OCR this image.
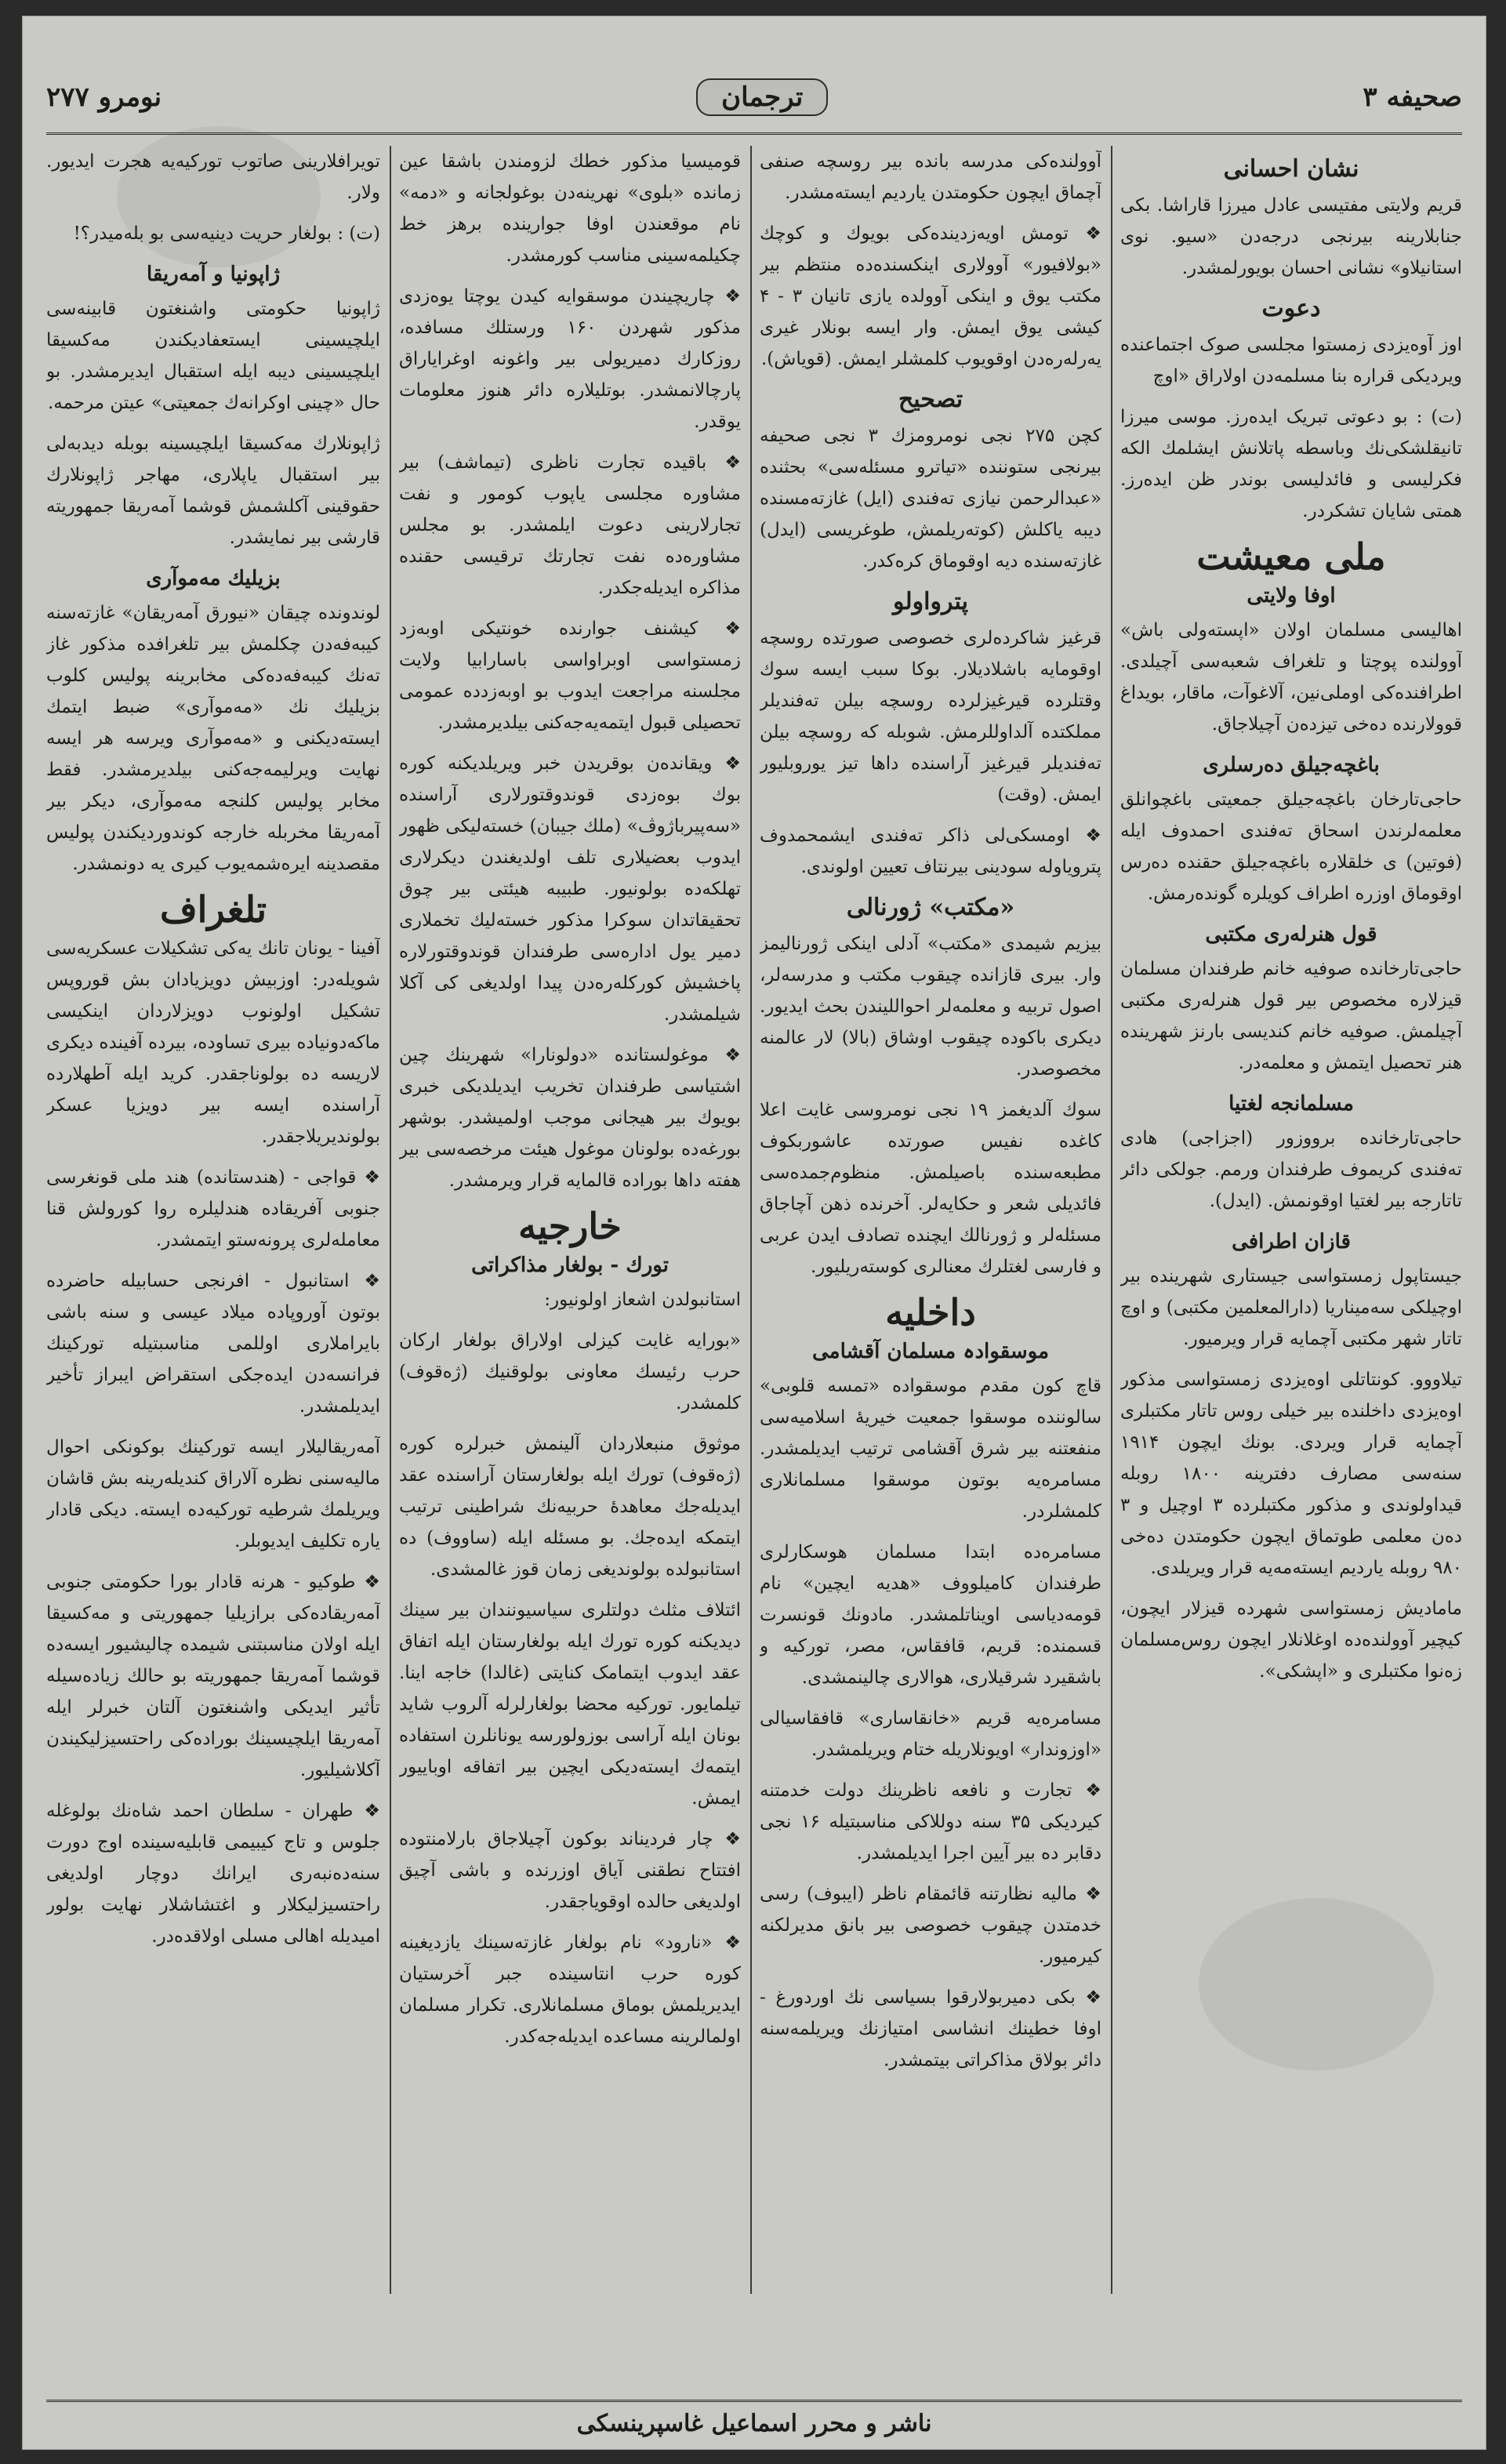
صحیفه ۳
ترجمان
نومرو ۲۷۷
نشان احسانی
قریم ولایتی مفتیسی عادل میرزا قاراشا. بکی جنابلارینه بیرنجی درجه‌دن «سیو. نوی استانیلاو» نشانی احسان بویورلمشدر.
دعوت
اوز آوه‌یزدی زمستوا مجلسی صوک اجتماعنده ویردیکی قراره بنا مسلمه‌دن اولاراق «اوچ
(ت) : بو دعوتی تبریک ایده‌رز. موسی میرزا تانیقلشکی‌نك وباسطه پاتلانش ایشلمك الكه فکرلیسی و فائدلیسی بوندر ظن ایده‌رز. همتی شایان تشکردر.
ملی معیشت
اوفا ولایتی
اهالیسی مسلمان اولان «اپسته‌ولی باش» آوولنده پوچتا و تلغراف شعبه‌سی آچیلدی. اطرافنده‌کی اوملی‌نین، آلاغو‌آت، ماقار، بویداغ قوولارنده ده‌خی تیزده‌ن آچیلاجاق.
باغچه‌جیلق ده‌رسلری
حاجی‌تارخان باغچه‌جیلق جمعیتی باغچوانلق معلمه‌لرندن اسحاق ته‌فندی احمدوف ایله (فوتین) ی خلقلاره باغچه‌جیلق حقنده ده‌رس اوقوماق اوزره اطراف کویلره گونده‌رمش.
قول هنرله‌ری مکتبی
حاجی‌تارخانده صوفیه خانم طرفندان مسلمان قیزلاره مخصوص بیر قول هنرله‌ری مکتبی آچیلمش. صوفیه خانم کندیسی بارنز شهرینده هنر تحصیل ایتمش و معلمه‌در.
مسلمانجه لغتیا
حاجی‌تارخانده برووزور (اجزاجی) هادی ته‌فندی کریموف طرفندان ورمم. جولکی دائر تاتارجه بیر لغتیا اوقونمش. (ایدل).
قازان اطرافی
جیستاپول زمستواسی جیستاری شهرینده بیر اوچیلکی سه‌میناریا (دارالمعلمین مکتبی) و اوچ تاتار شهر مکتبی آچمایه قرار ویرمیور.
تیلاووو. کونتاتلی اوه‌یزدی زمستواسی مذکور اوه‌یزدی داخلنده بیر خیلی روس تاتار مکتبلری آچمایه قرار ویردی. بونك ایچون ۱۹۱۴ سنه‌سی مصارف دفترینه ۱۸۰۰ روبله قیداولوندی و مذکور مکتبلرده ۳ اوچیل و ۳ ده‌ن معلمی طوتماق ایچون حکومتدن ده‌خی ۹۸۰ روبله یاردیم ایسته‌مه‌یه قرار ویریلدی.
ماماديش زمستواسی شهرده قیزلار ایچون، کیچیر آوولنده‌ده اوغلانلار ایچون روس‌مسلمان زه‌نوا مکتبلری و «اپشکی».
آوولنده‌کی مدرسه بانده بیر روسچه صنفی آچماق ایچون حکومتدن یاردیم ایسته‌مشدر.
❖ تومش اویه‌زدینده‌کی بویوك و کوچك «بولافیور» آوولاری اینکسنده‌ده منتظم بیر مکتب یوق و اینکی آوولده یازی تانیان ۳ - ۴ کیشی یوق ایمش. وار ایسه بونلار غیری یه‌رله‌ره‌دن اوقویوب کلمشلر ایمش. (قویاش).
تصحیح
کچن ۲۷۵ نجی نومرومزك ۳ نجی صحیفه بیرنجی ستوننده «تیاترو مسئله‌سی» بحثنده «عبدالرحمن نیازی ته‌فندی (ایل) غازته‌مسنده دیبه یاکلش (کوته‌ریلمش، طوغریسی (ایدل) غازته‌سنده دیه اوقوماق کره‌کدر.
پترواولو
قرغیز شاکرده‌لری خصوصی صورتده روسچه اوقومایه باشلادیلار. بوکا سبب ایسه سوك وقتلرده قیرغیزلرده روسچه بیلن ته‌فندیلر مملکتده آلداوللرمش. شوبله که روسچه بیلن ته‌فندیلر قیرغیز آراسنده داها تیز یوروبلیور ایمش. (وقت)
❖ اومسکی‌لی ذاکر ته‌فندی ایشمحمدوف پترویاوله سودینی بیرنتاف تعیین اولوندی.
«مکتب» ژورنالی
بیزیم شیمدی «مکتب» آدلی اینکی ژورنالیمز وار. بیری قازانده چیقوب مکتب و مدرسه‌لر، اصول تربیه و معلمه‌لر احواللیندن بحث ایدیور. دیکری باکوده چیقوب اوشاق (بالا) لار عالمنه مخصوصدر.
سوك آلدیغمز ۱۹ نجی نومروسی غایت اعلا کاغده نفیس صورتده عاشوربکوف مطبعه‌سنده باصیلمش. منظوم‌جمده‌سی فائدیلی شعر و حکایه‌لر. آخرنده ذهن آچاجاق مسئله‌لر و ژورنالك ایچنده تصادف ایدن عربی و فارسی لغتلرك معنالری کوسته‌ریلیور.
داخلیه
موسقوادہ مسلمان آقشامی
قاچ کون مقدم موسقواده «تمسه قلوبی» سالوننده موسقوا جمعیت خیریهٔ اسلامیه‌سی منفعتنه بیر شرق آقشامی ترتیب ایدیلمشدر. مسامره‌یه بوتون موسقوا مسلمانلاری کلمشلردر.
مسامره‌ده ابتدا مسلمان هوسکارلری طرفندان کامیلووف «هدیه ایچین» نام قومه‌دیاسی اویناتلمشدر. مادونك قونسرت قسمنده: قریم، قافقاس، مصر، تورکیه و باشقیرد شرقیلاری، هوالاری چالینمشدی.
مسامره‌یه قریم «خانقاساری» قافقاسیالی «اوزوندار» اویونلاریله ختام ویریلمشدر.
❖ تجارت و نافعه ناظرینك دولت خدمتنه کیردیکی ۳۵ سنه دوللاکی مناسبتیله ۱۶ نجی دقابر ده بیر آیین اجرا ایدیلمشدر.
❖ مالیه نظارتنه قائمقام ناظر (ایبوف) رسی خدمتدن چیقوب خصوصی بیر بانق مدیرلکنه کیرمیور.
❖ بکی دمیربولارقوا بسیاسی نك اوردورغ - اوفا خطینك انشاسی امتیازنك ویریلمه‌سنه دائر بولاق مذاکراتی بیتمشدر.
قومیسیا مذکور خطك لزومندن باشقا عین زمانده «بلوی» نهرینه‌دن بوغولجانه و «دمه» نام موقعندن اوفا جوارینده برهز خط چکیلمه‌سینی مناسب کورمشدر.
❖ چاریچیندن موسقوایه کیدن یوچتا یوه‌زدی مذکور شهردن ۱۶۰ ورستلك مسافده، روزکارك دمیریولی بیر واغونه اوغرایاراق پارچالانمشدر. بوتلیلاره دائر هنوز معلومات یوقدر.
❖ باقیده تجارت ناظری (تیماشف) بیر مشاوره مجلسی یاپوب کومور و نفت تجارلارینی دعوت ایلمشدر. بو مجلس مشاوره‌ده نفت تجارتك ترقیسی حقنده مذاکره ایدیله‌جکدر.
❖ کیشنف جوارنده خونتیکی اوبه‌زد زمستواسی اوبراواسی باسارابیا ولایت مجلسنه مراجعت ایدوب بو اوبه‌زدده عمومی تحصیلی قبول ایتمه‌یه‌جه‌کنی بیلدیرمشدر.
❖ ویقانده‌ن بوقریدن خبر ویریلدیکنه کوره بوك بوه‌زدی قوندوقتورلاری آراسنده «سه‌پیرباژوڤ» (ملك جیبان) خسته‌لیکی ظهور ایدوب بعضیلاری تلف اولدیغندن دیکرلاری تهلکه‌ده بولونیور. طبیبه هیئتی بیر چوق تحقیقاتدان سوکرا مذکور خسته‌لیك تخملاری دمیر یول اداره‌سی طرفندان قوندوقتورلاره پاخشیش کورکله‌ره‌دن پیدا اولدیغی کی آکلا شیلمشدر.
❖ موغولستانده «دولونارا» شهرینك چین اشتیاسی طرفندان تخریب ایدیلدیکی خبری بویوك بیر هیجانی موجب اولمیشدر. بوشهر بورغه‌ده بولونان موغول هیئت مرخصه‌سی بیر هفته داها بوراده قالمایه قرار ویرمشدر.
خارجیه
تورك - بولغار مذاکراتی
استانبولدن اشعاز اولونیور:
«بورایه غایت کیزلی اولاراق بولغار ارکان حرب رئیسك معاونی بولوقنیك (ژه‌قوف) کلمشدر.
موثوق منبعلاردان آلینمش خبرلره کوره (ژه‌قوف) تورك ایله بولغارستان آراسنده عقد ایدیله‌جك معاهدهٔ حربیه‌نك شراطینی ترتیب ایتمکه ایده‌جك. بو مسئله ایله (ساووف) ده استانبولده بولوندیغی زمان قوز غالمشدی.
ائتلاف مثلث دولتلری سیاسیونندان بیر سینك دیدیکنه کوره تورك ایله بولغارستان ایله اتفاق عقد ایدوب ایتمامک کنایتی (غالدا) خاجه اینا. تیلمایور. تورکیه محضا بولغارلرله آلروب شاید بونان ایله آراسی بوزولورسه یونانلرن استفاده ایتمه‌ك ایسته‌دیکی ایچین بیر اتفاقه اوباییور ایمش.
❖ چار فردیناند بوکون آچیلاجاق بارلامنتوده افتتاح نطقنی آیاق اوزرنده و باشی آچیق اولدیغی حالده اوقویاجقدر.
❖ «نارود» نام بولغار غازته‌سینك یازدیغینه کوره حرب انتاسینده جبر آخرستیان ایدیریلمش بوماق مسلمانلاری. تکرار مسلمان اولمالرینه مساعده ایدیله‌جه‌کدر.
تویرافلارینی صاتوب تورکیه‌یه هجرت ایدیور. ولار.
(ت) : بولغار حریت دینیه‌سی بو بله‌میدر؟!
ژاپونیا و آمه‌ریقا
ژاپونیا حکومتی واشنغتون قابینه‌سی ایلچیسینی ایستعفادیکندن مه‌کسیقا ایلچیسینی دیبه ایله استقبال ایدیرمشدر. بو حال «چینی اوکرانه‌ك جمعیتی» عیتن مرحمه.
ژاپونلارك مه‌کسیقا ایلچیسینه بوبله دیدبه‌لی بیر استقبال یاپلاری، مهاجر ژاپونلارك حقوقینی آکلشمش قوشما آمه‌ریقا جمهوریته قارشی بیر نمایشدر.
بزیلیك مه‌موآری
لوندونده چیقان «نیورق آمه‌ریقان» غازته‌سنه کیبه‌فه‌دن چکلمش بیر تلغرافده مذکور غاز ته‌نك کیبه‌فه‌ده‌کی مخابرینه پولیس کلوب بزیلیك نك «مه‌موآری» ضبط ایتمك ایسته‌دیکنی و «مه‌موآری ویرسه هر ایسه نهایت ویرلیمه‌جه‌کنی بیلدیرمشدر. فقط مخابر پولیس کلنجه مه‌موآری، دیکر بیر آمه‌ریقا مخربله خارجه کوندوردیکندن پولیس مقصدینه ایره‌شمه‌یوب کیری یه دونمشدر.
تلغراف
آفینا - یونان تانك یه‌کی تشکیلات عسکریه‌سی شویله‌در: اوزبیش دویزیادان بش قوروپس تشکیل اولونوب دویزلاردان اینکیسی ماکه‌دونیاده بیری تساوده، بیرده آفینده دیکری لاریسه ده بولوناجقدر. کرید ایله آطهلارده آراسنده ایسه بیر دویزیا عسکر بولوندیریلاجقدر.
❖ قواجی - (هندستانده) هند ملی قونغرسی جنوبی آفریقاده هندلیلره روا کورولش قنا معامله‌لری پرونه‌ستو ایتمشدر.
❖ استانبول - افرنجی حسابیله حاضرده بوتون آوروپاده میلاد عیسی و سنه باشی بایراملاری اوللمی مناسبتیله تورکینك فرانسه‌دن ایده‌جکی استقراض ایبراز تأخیر ایدیلمشدر.
آمه‌ریقالیلار ایسه تورکینك بوکونکی احوال مالیه‌سنی نظره آلاراق کندیله‌رینه بش قاشان ویریلمك شرطیه تورکیه‌ده ایسته. دیکی قادار یاره تکلیف ایدیوبلر.
❖ طوکیو - هرنه قادار بورا حکومتی جنوبی آمه‌ریقاده‌کی برازیلیا جمهوریتی و مه‌کسیقا ایله اولان مناسبتنی شیمده چالیشیور ایسه‌ده قوشما آمه‌ریقا جمهوریته بو حالك زیاده‌سیله تأثیر ایدیکی واشنغتون آلتان خبرلر ایله آمه‌ریقا ایلچیسینك بوراده‌کی راحتسیزلیکیندن آکلاشیلیور.
❖ طهران - سلطان احمد شاه‌نك بولوغله جلوس و تاج کیبیمی قابلیه‌سینده اوج دورت سنه‌ده‌نبه‌ری ایرانك دوچار اولدیغی راحتسیزلیکلار و اغتشاشلار نهایت بولور امیدیله اهالی مسلی اولاقده‌در.
ناشر و محرر اسماعیل غاسپرینسکی
